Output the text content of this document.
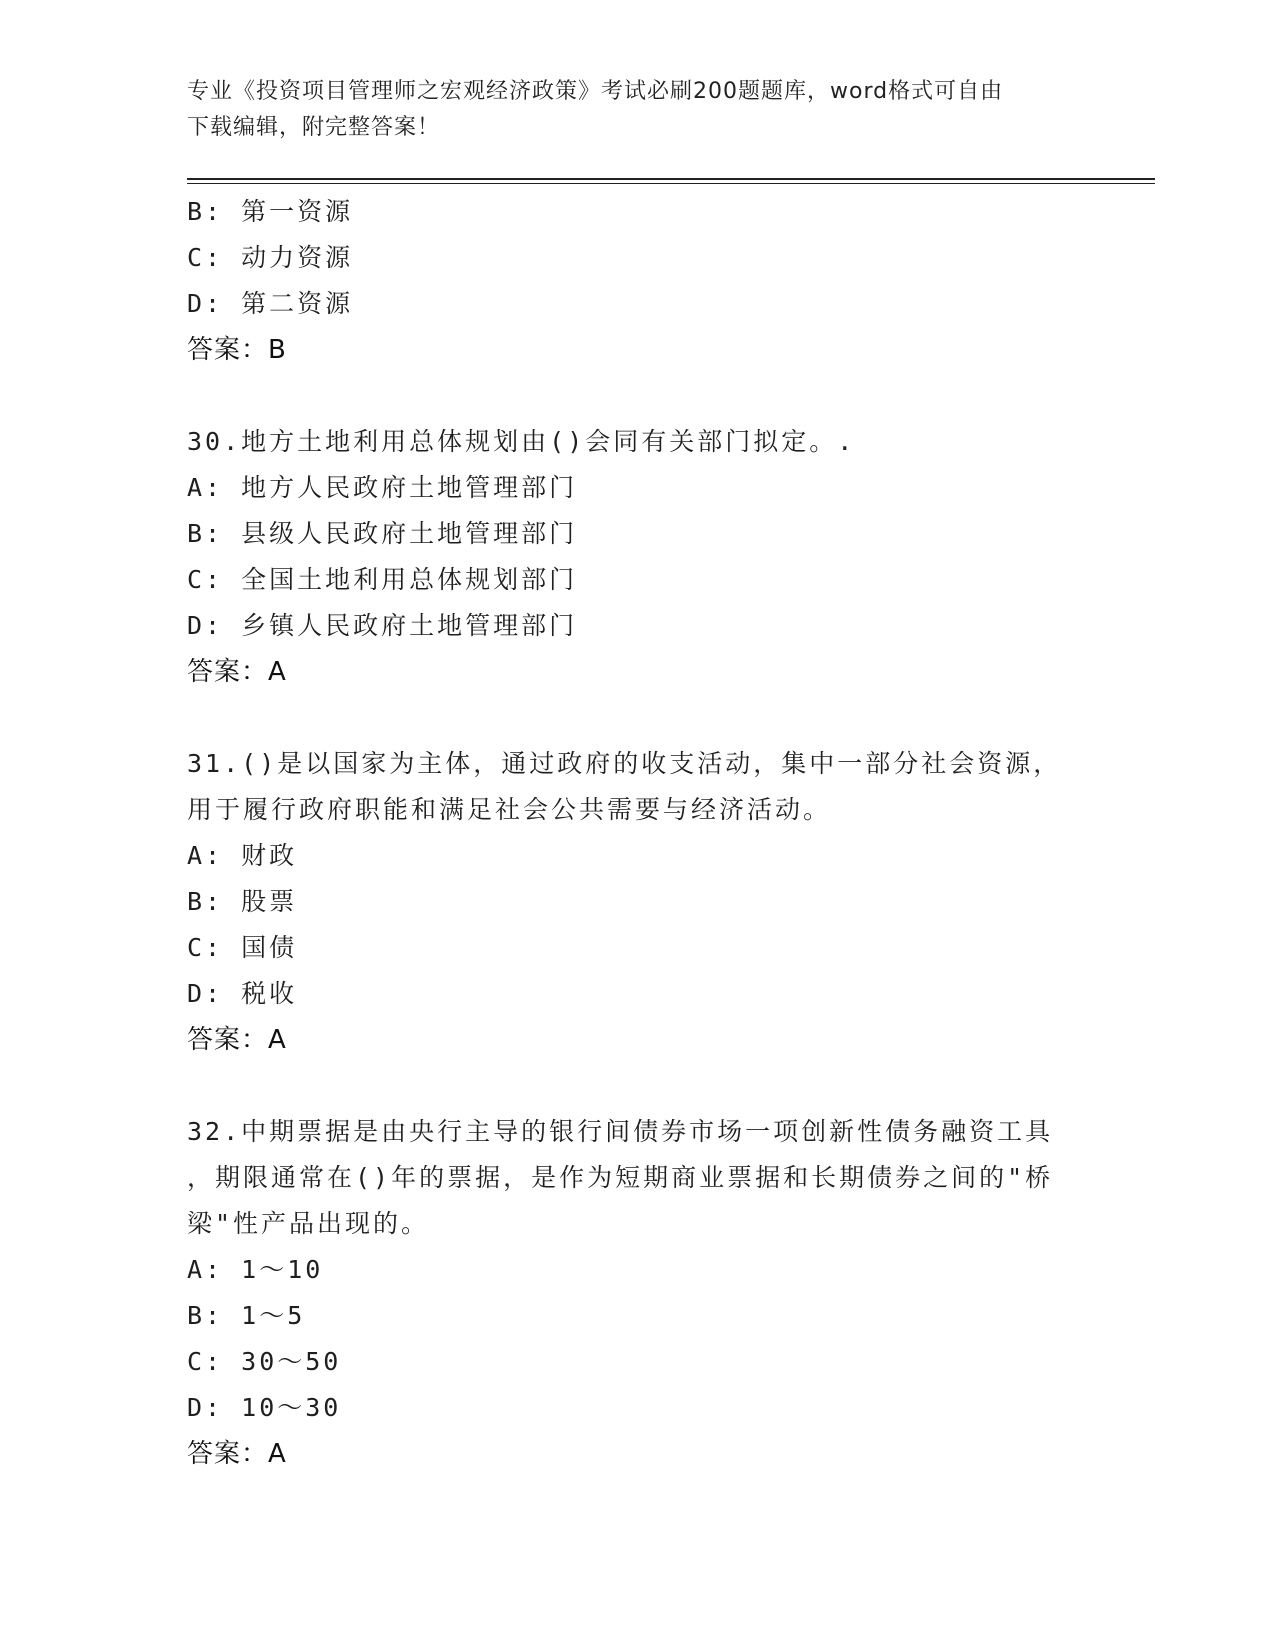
专业《投资项目管理师之宏观经济政策》考试必刷200题题库，word格式可自由
下载编辑，附完整答案！
B: 第一资源
C: 动力资源
D: 第二资源
答案：B
30.地方土地利用总体规划由()会同有关部门拟定。.
A: 地方人民政府土地管理部门
B: 县级人民政府土地管理部门
C: 全国土地利用总体规划部门
D: 乡镇人民政府土地管理部门
答案：A
31.()是以国家为主体，通过政府的收支活动，集中一部分社会资源，
用于履行政府职能和满足社会公共需要与经济活动。
A: 财政
B: 股票
C: 国债
D: 税收
答案：A
32.中期票据是由央行主导的银行间债券市场一项创新性债务融资工具
，期限通常在()年的票据，是作为短期商业票据和长期债券之间的"桥
梁"性产品出现的。
A: 1～10
B: 1～5
C: 30～50
D: 10～30
答案：A
